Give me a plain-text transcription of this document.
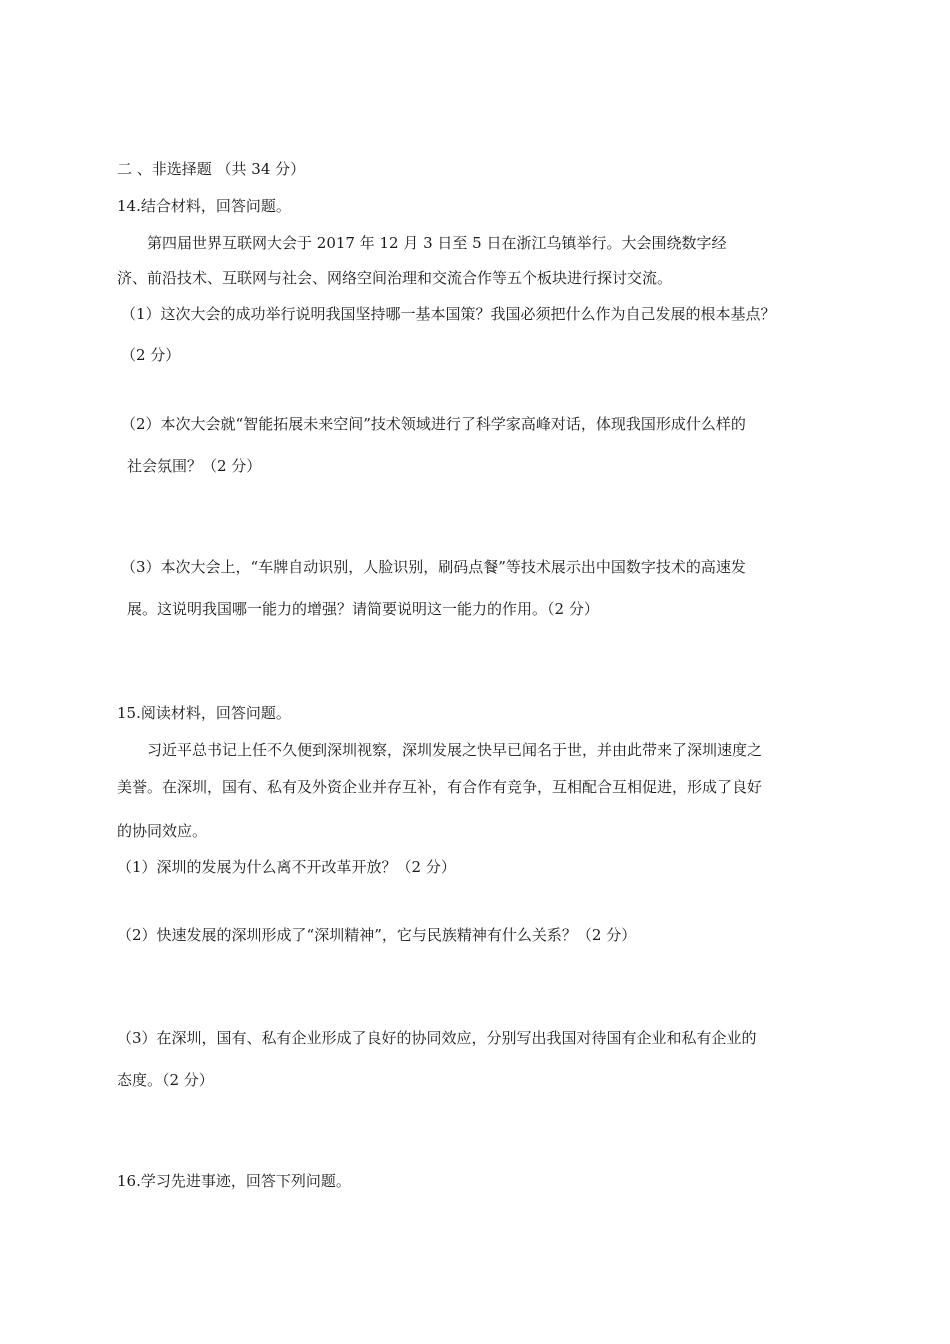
二 、非选择题 （共 34 分）
14.结合材料，回答问题。
第四届世界互联网大会于 2017 年 12 月 3 日至 5 日在浙江乌镇举行。大会围绕数字经
济、前沿技术、互联网与社会、网络空间治理和交流合作等五个板块进行探讨交流。
（1）这次大会的成功举行说明我国坚持哪一基本国策？我国必须把什么作为自己发展的根本基点？
（2 分）
（2）本次大会就“智能拓展未来空间”技术领域进行了科学家高峰对话，体现我国形成什么样的
社会氛围？（2 分）
（3）本次大会上，“车牌自动识别，人脸识别，刷码点餐”等技术展示出中国数字技术的高速发
展。这说明我国哪一能力的增强？请简要说明这一能力的作用。（2 分）
15.阅读材料，回答问题。
习近平总书记上任不久便到深圳视察，深圳发展之快早已闻名于世，并由此带来了深圳速度之
美誉。在深圳，国有、私有及外资企业并存互补，有合作有竞争，互相配合互相促进，形成了良好
的协同效应。
（1）深圳的发展为什么离不开改革开放？（2 分）
（2）快速发展的深圳形成了“深圳精神”，它与民族精神有什么关系？（2 分）
（3）在深圳，国有、私有企业形成了良好的协同效应，分别写出我国对待国有企业和私有企业的
态度。（2 分）
16.学习先进事迹，回答下列问题。
